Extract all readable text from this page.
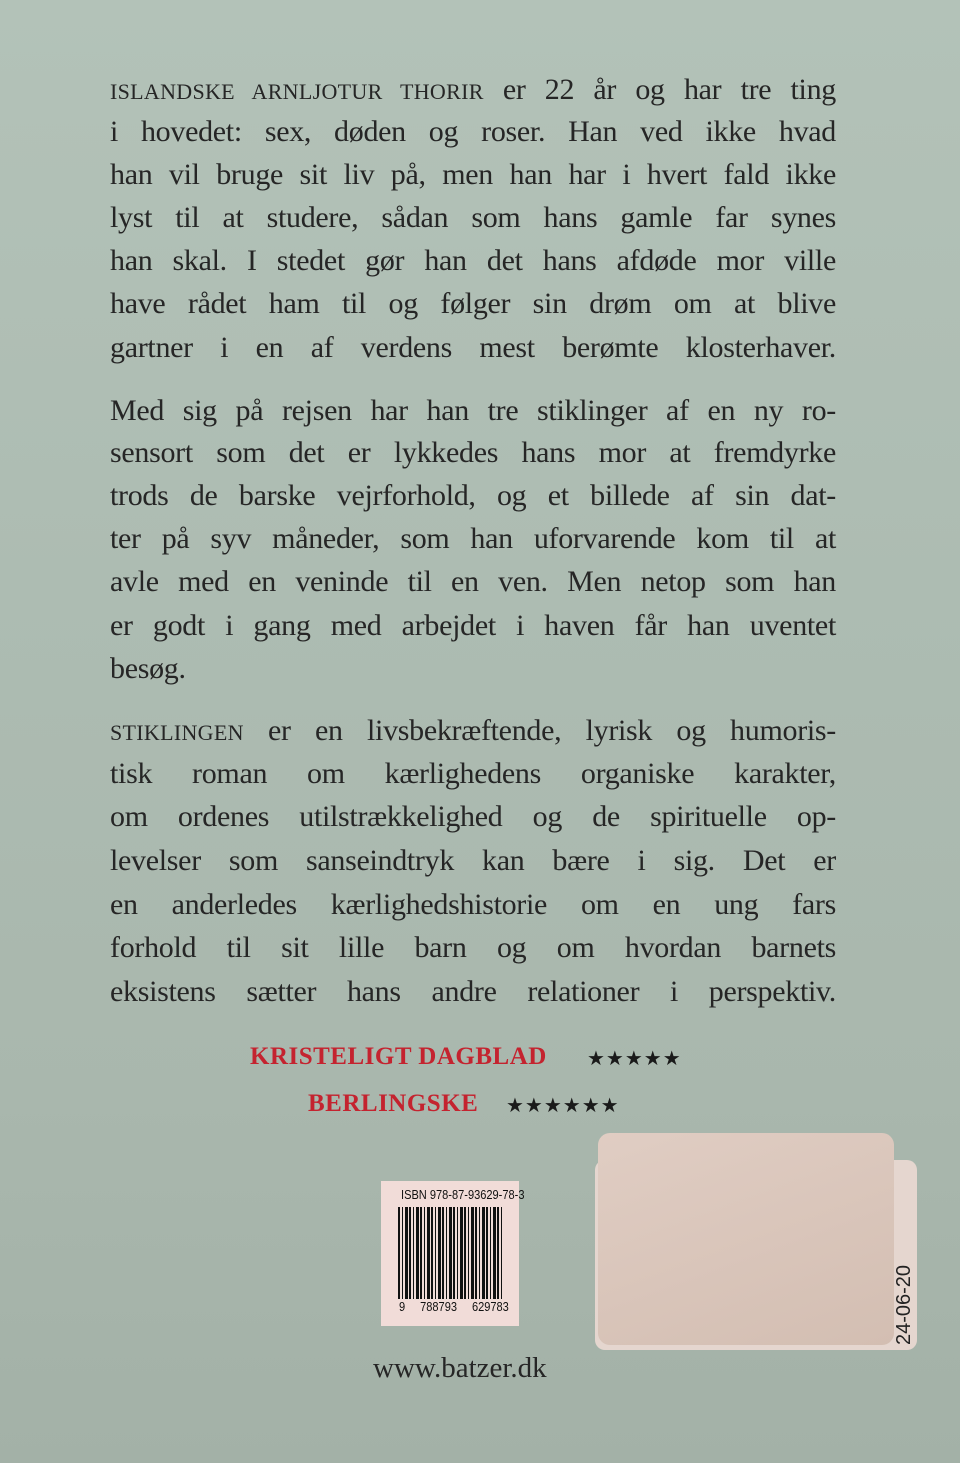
ISLANDSKE ARNLJOTUR THORIR er 22 år og har tre ting
i hovedet: sex, døden og roser. Han ved ikke hvad
han vil bruge sit liv på, men han har i hvert fald ikke
lyst til at studere, sådan som hans gamle far synes
han skal. I stedet gør han det hans afdøde mor ville
have rådet ham til og følger sin drøm om at blive
gartner i en af verdens mest berømte klosterhaver.
Med sig på rejsen har han tre stiklinger af en ny ro-
sensort som det er lykkedes hans mor at fremdyrke
trods de barske vejrforhold, og et billede af sin dat-
ter på syv måneder, som han uforvarende kom til at
avle med en veninde til en ven. Men netop som han
er godt i gang med arbejdet i haven får han uventet
besøg.
STIKLINGEN er en livsbekræftende, lyrisk og humoris-
tisk roman om kærlighedens organiske karakter,
om ordenes utilstrækkelighed og de spirituelle op-
levelser som sanseindtryk kan bære i sig. Det er
en anderledes kærlighedshistorie om en ung fars
forhold til sit lille barn og om hvordan barnets
eksistens sætter hans andre relationer i perspektiv.
KRISTELIGT DAGBLAD ★★★★★
BERLINGSKE ★★★★★★
ISBN 978-87-93629-78-3
9 788793 629783	24-06-20
www.batzer.dk
